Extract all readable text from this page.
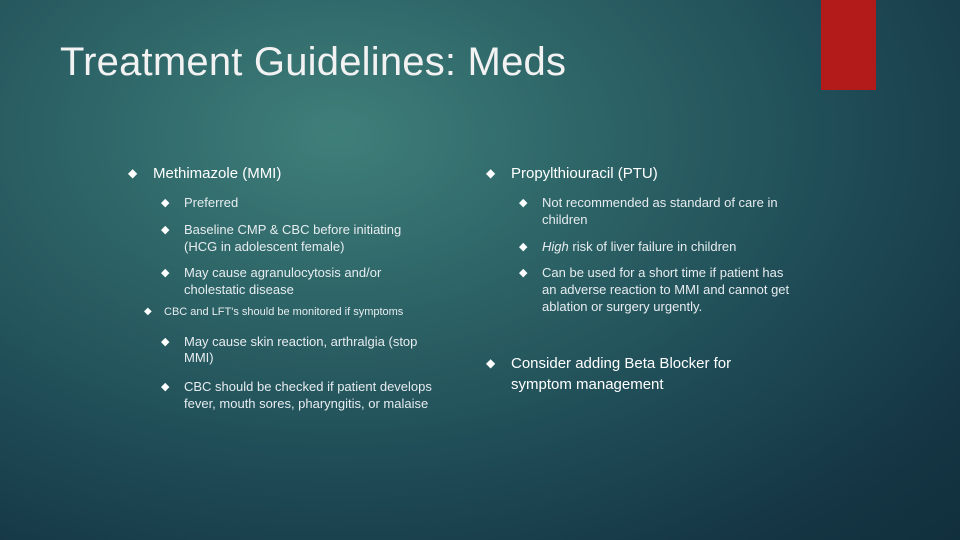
Treatment Guidelines: Meds
◆ Methimazole (MMI)
◆ Preferred
◆ Baseline CMP & CBC before initiating (HCG in adolescent female)
◆ May cause agranulocytosis and/or cholestatic disease
◆ CBC and LFT's should be monitored if symptoms
◆ May cause skin reaction, arthralgia (stop MMI)
◆ CBC should be checked if patient develops fever, mouth sores, pharyngitis, or malaise
◆ Propylthiouracil (PTU)
◆ Not recommended as standard of care in children
◆ High risk of liver failure in children
◆ Can be used for a short time if patient has an adverse reaction to MMI and cannot get ablation or surgery urgently.
◆ Consider adding Beta Blocker for symptom management
